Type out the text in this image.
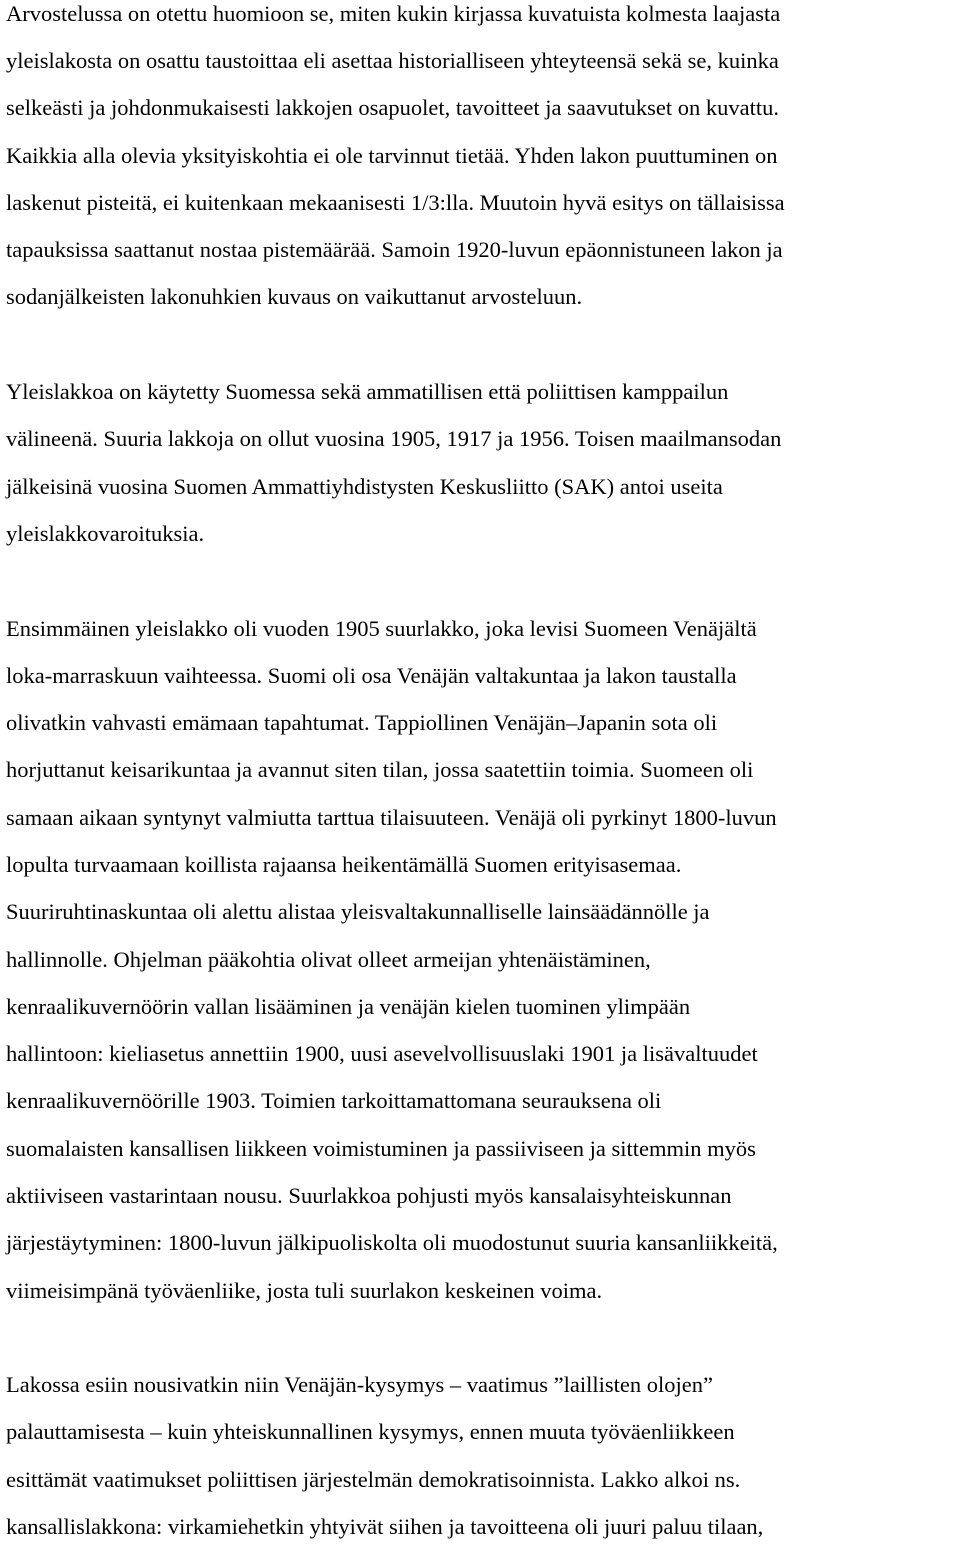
Arvostelussa on otettu huomioon se, miten kukin kirjassa kuvatuista kolmesta laajasta

yleislakosta on osattu taustoittaa eli asettaa historialliseen yhteyteensä sekä se, kuinka

selkeästi ja johdonmukaisesti lakkojen osapuolet, tavoitteet ja saavutukset on kuvattu.

Kaikkia alla olevia yksityiskohtia ei ole tarvinnut tietää. Yhden lakon puuttuminen on

laskenut pisteitä, ei kuitenkaan mekaanisesti 1/3:lla. Muutoin hyvä esitys on tällaisissa

tapauksissa saattanut nostaa pistemäärää. Samoin 1920-luvun epäonnistuneen lakon ja

sodanjälkeisten lakonuhkien kuvaus on vaikuttanut arvosteluun.

Yleislakkoa on käytetty Suomessa sekä ammatillisen että poliittisen kamppailun

välineenä. Suuria lakkoja on ollut vuosina 1905, 1917 ja 1956. Toisen maailmansodan

jälkeisinä vuosina Suomen Ammattiyhdistysten Keskusliitto (SAK) antoi useita

yleislakkovaroituksia.

Ensimmäinen yleislakko oli vuoden 1905 suurlakko, joka levisi Suomeen Venäjältä

loka-marraskuun vaihteessa. Suomi oli osa Venäjän valtakuntaa ja lakon taustalla

olivatkin vahvasti emämaan tapahtumat. Tappiollinen Venäjän–Japanin sota oli

horjuttanut keisarikuntaa ja avannut siten tilan, jossa saatettiin toimia. Suomeen oli

samaan aikaan syntynyt valmiutta tarttua tilaisuuteen. Venäjä oli pyrkinyt 1800-luvun

lopulta turvaamaan koillista rajaansa heikentämällä Suomen erityisasemaa.

Suuriruhtinaskuntaa oli alettu alistaa yleisvaltakunnalliselle lainsäädännölle ja

hallinnolle. Ohjelman pääkohtia olivat olleet armeijan yhtenäistäminen,

kenraalikuvernöörin vallan lisääminen ja venäjän kielen tuominen ylimpään

hallintoon: kieliasetus annettiin 1900, uusi asevelvollisuuslaki 1901 ja lisävaltuudet

kenraalikuvernöörille 1903. Toimien tarkoittamattomana seurauksena oli

suomalaisten kansallisen liikkeen voimistuminen ja passiiviseen ja sittemmin myös

aktiiviseen vastarintaan nousu. Suurlakkoa pohjusti myös kansalaisyhteiskunnan

järjestäytyminen: 1800-luvun jälkipuoliskolta oli muodostunut suuria kansanliikkeitä,

viimeisimpänä työväenliike, josta tuli suurlakon keskeinen voima.

Lakossa esiin nousivatkin niin Venäjän-kysymys – vaatimus ”laillisten olojen”

palauttamisesta – kuin yhteiskunnallinen kysymys, ennen muuta työväenliikkeen

esittämät vaatimukset poliittisen järjestelmän demokratisoinnista. Lakko alkoi ns.

kansallislakkona: virkamiehetkin yhtyivät siihen ja tavoitteena oli juuri paluu tilaan,
